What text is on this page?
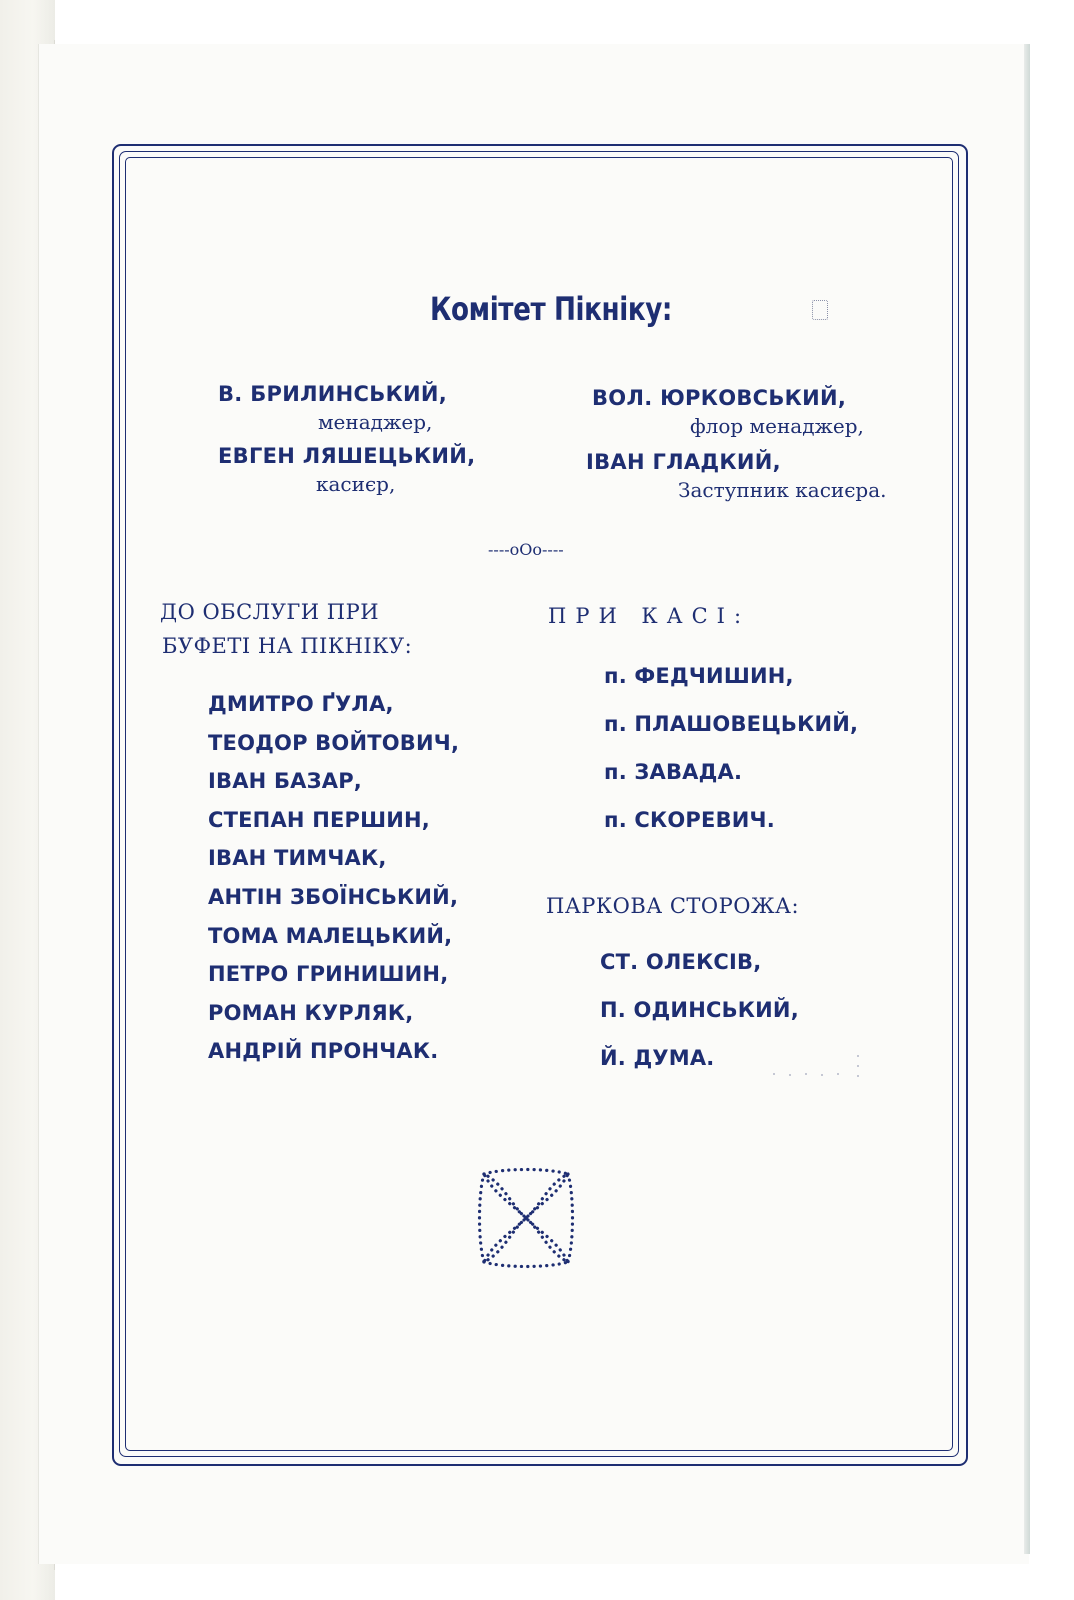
Комітет Пікніку:
В. БРИЛИНСЬКИЙ,
менаджер,
ВОЛ. ЮРКОВСЬКИЙ,
флор менаджер,
ЕВГЕН ЛЯШЕЦЬКИЙ,
касиєр,
ІВАН ГЛАДКИЙ,
Заступник касиєра.
----oOo----
ДО ОБСЛУГИ ПРИ
БУФЕТІ НА ПІКНІКУ:
ДМИТРО ҐУЛА,
ТЕОДОР ВОЙТОВИЧ,
ІВАН БАЗАР,
СТЕПАН ПЕРШИН,
ІВАН ТИМЧАК,
АНТІН ЗБОЇНСЬКИЙ,
ТОМА МАЛЕЦЬКИЙ,
ПЕТРО ГРИНИШИН,
РОМАН КУРЛЯК,
АНДРІЙ ПРОНЧАК.
ПРИ КАСІ:
п. ФЕДЧИШИН,
п. ПЛАШОВЕЦЬКИЙ,
п. ЗАВАДА.
п. СКОРЕВИЧ.
ПАРКОВА СТОРОЖА:
СТ. ОЛЕКСІВ,
П. ОДИНСЬКИЙ,
Й. ДУМА.
